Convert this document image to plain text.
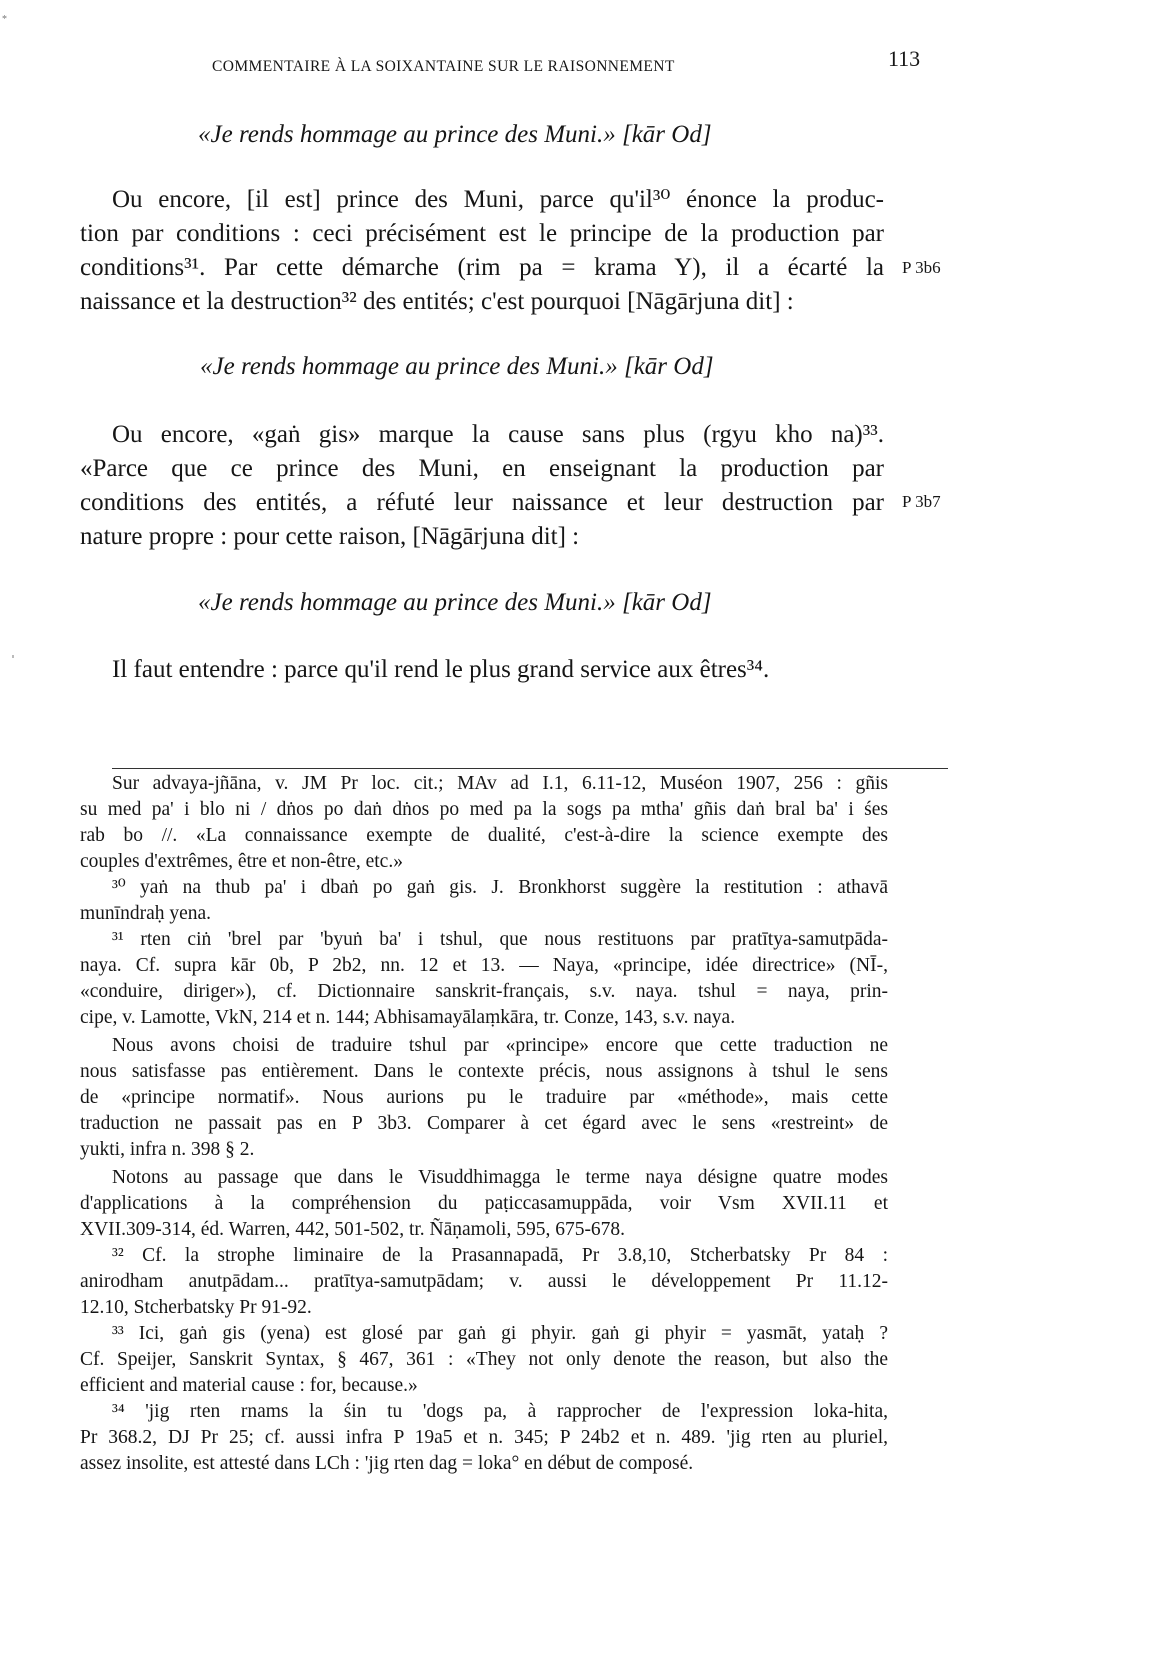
*
COMMENTAIRE À LA SOIXANTAINE SUR LE RAISONNEMENT	113
«Je rends hommage au prince des Muni.» [kār Od]
Ou encore, [il est] prince des Muni, parce qu'il³⁰ énonce la produc-
tion par conditions : ceci précisément est le principe de la production par
conditions³¹. Par cette démarche (rim pa = krama Y), il a écarté la
naissance et la destruction³² des entités; c'est pourquoi [Nāgārjuna dit] :
«Je rends hommage au prince des Muni.» [kār Od]
Ou encore, «gaṅ gis» marque la cause sans plus (rgyu kho na)³³.
«Parce que ce prince des Muni, en enseignant la production par
conditions des entités, a réfuté leur naissance et leur destruction par
nature propre : pour cette raison, [Nāgārjuna dit] :
«Je rends hommage au prince des Muni.» [kār Od]
Il faut entendre : parce qu'il rend le plus grand service aux êtres³⁴.
P 3b6
P 3b7
Sur advaya-jñāna, v. JM Pr loc. cit.; MAv ad I.1, 6.11-12, Muséon 1907, 256 : gñis
su med pa' i blo ni / dṅos po daṅ dṅos po med pa la sogs pa mtha' gñis daṅ bral ba' i śes
rab bo //. «La connaissance exempte de dualité, c'est-à-dire la science exempte des
couples d'extrêmes, être et non-être, etc.»
³⁰ yaṅ na thub pa' i dbaṅ po gaṅ gis. J. Bronkhorst suggère la restitution : athavā
munīndraḥ yena.
³¹ rten ciṅ 'brel par 'byuṅ ba' i tshul, que nous restituons par pratītya-samutpāda-
naya. Cf. supra kār 0b, P 2b2, nn. 12 et 13. — Naya, «principe, idée directrice» (NĪ-,
«conduire, diriger»), cf. Dictionnaire sanskrit-français, s.v. naya. tshul = naya, prin-
cipe, v. Lamotte, VkN, 214 et n. 144; Abhisamayālaṃkāra, tr. Conze, 143, s.v. naya.
Nous avons choisi de traduire tshul par «principe» encore que cette traduction ne
nous satisfasse pas entièrement. Dans le contexte précis, nous assignons à tshul le sens
de «principe normatif». Nous aurions pu le traduire par «méthode», mais cette
traduction ne passait pas en P 3b3. Comparer à cet égard avec le sens «restreint» de
yukti, infra n. 398 § 2.
Notons au passage que dans le Visuddhimagga le terme naya désigne quatre modes
d'applications à la compréhension du paṭiccasamuppāda, voir Vsm XVII.11 et
XVII.309-314, éd. Warren, 442, 501-502, tr. Ñāṇamoli, 595, 675-678.
³² Cf. la strophe liminaire de la Prasannapadā, Pr 3.8,10, Stcherbatsky Pr 84 :
anirodham anutpādam... pratītya-samutpādam; v. aussi le développement Pr 11.12-
12.10, Stcherbatsky Pr 91-92.
³³ Ici, gaṅ gis (yena) est glosé par gaṅ gi phyir. gaṅ gi phyir = yasmāt, yataḥ ?
Cf. Speijer, Sanskrit Syntax, § 467, 361 : «They not only denote the reason, but also the
efficient and material cause : for, because.»
³⁴ 'jig rten rnams la śin tu 'dogs pa, à rapprocher de l'expression loka-hita,
Pr 368.2, DJ Pr 25; cf. aussi infra P 19a5 et n. 345; P 24b2 et n. 489. 'jig rten au pluriel,
assez insolite, est attesté dans LCh : 'jig rten dag = loka° en début de composé.
